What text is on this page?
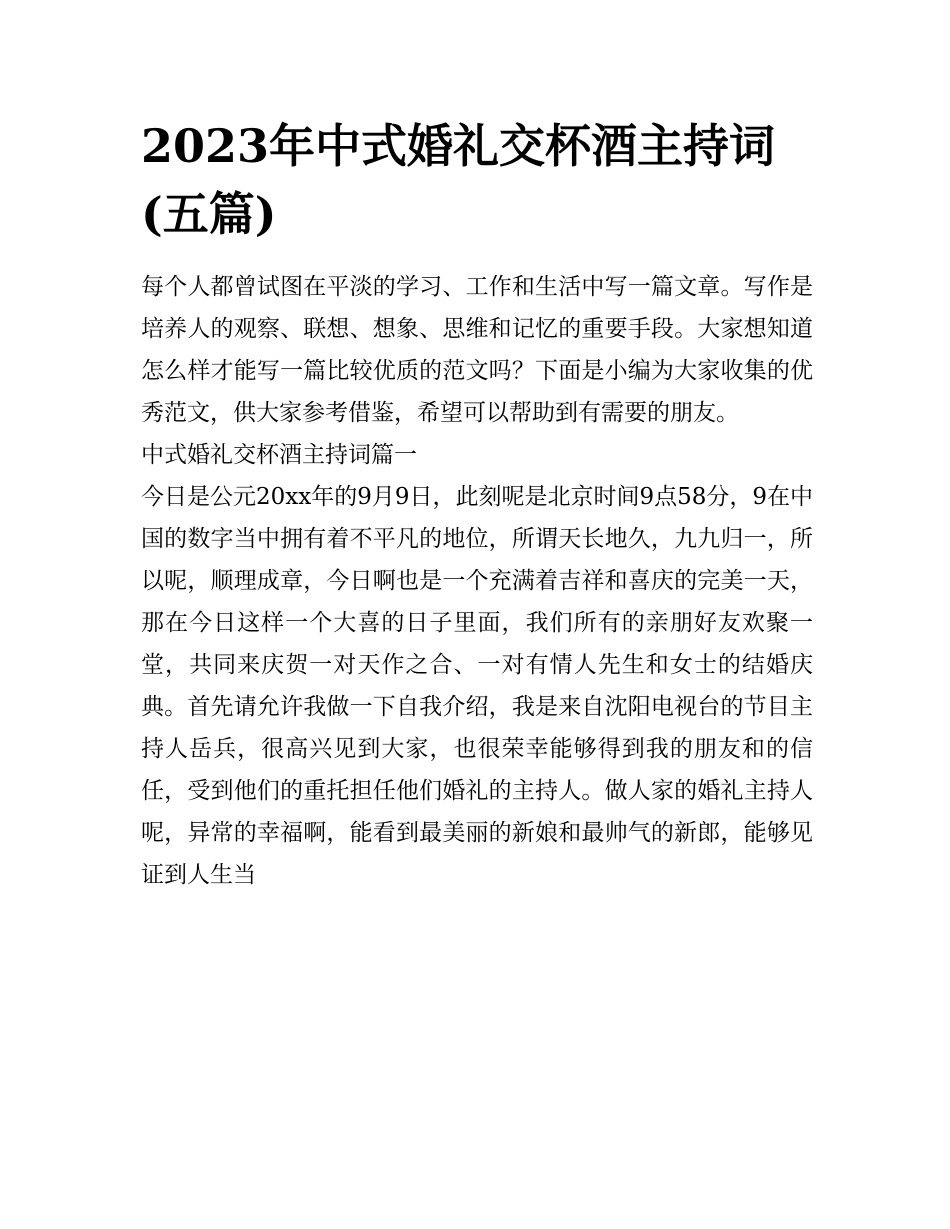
2023年中式婚礼交杯酒主持词(五篇)

每个人都曾试图在平淡的学习、工作和生活中写一篇文章。写作是培养人的观察、联想、想象、思维和记忆的重要手段。大家想知道怎么样才能写一篇比较优质的范文吗？下面是小编为大家收集的优秀范文，供大家参考借鉴，希望可以帮助到有需要的朋友。

中式婚礼交杯酒主持词篇一

今日是公元20xx年的9月9日，此刻呢是北京时间9点58分，9在中国的数字当中拥有着不平凡的地位，所谓天长地久，九九归一，所以呢，顺理成章，今日啊也是一个充满着吉祥和喜庆的完美一天，那在今日这样一个大喜的日子里面，我们所有的亲朋好友欢聚一堂，共同来庆贺一对天作之合、一对有情人先生和女士的结婚庆典。首先请允许我做一下自我介绍，我是来自沈阳电视台的节目主持人岳兵，很高兴见到大家，也很荣幸能够得到我的朋友和的信任，受到他们的重托担任他们婚礼的主持人。做人家的婚礼主持人呢，异常的幸福啊，能看到最美丽的新娘和最帅气的新郎，能够见证到人生当
